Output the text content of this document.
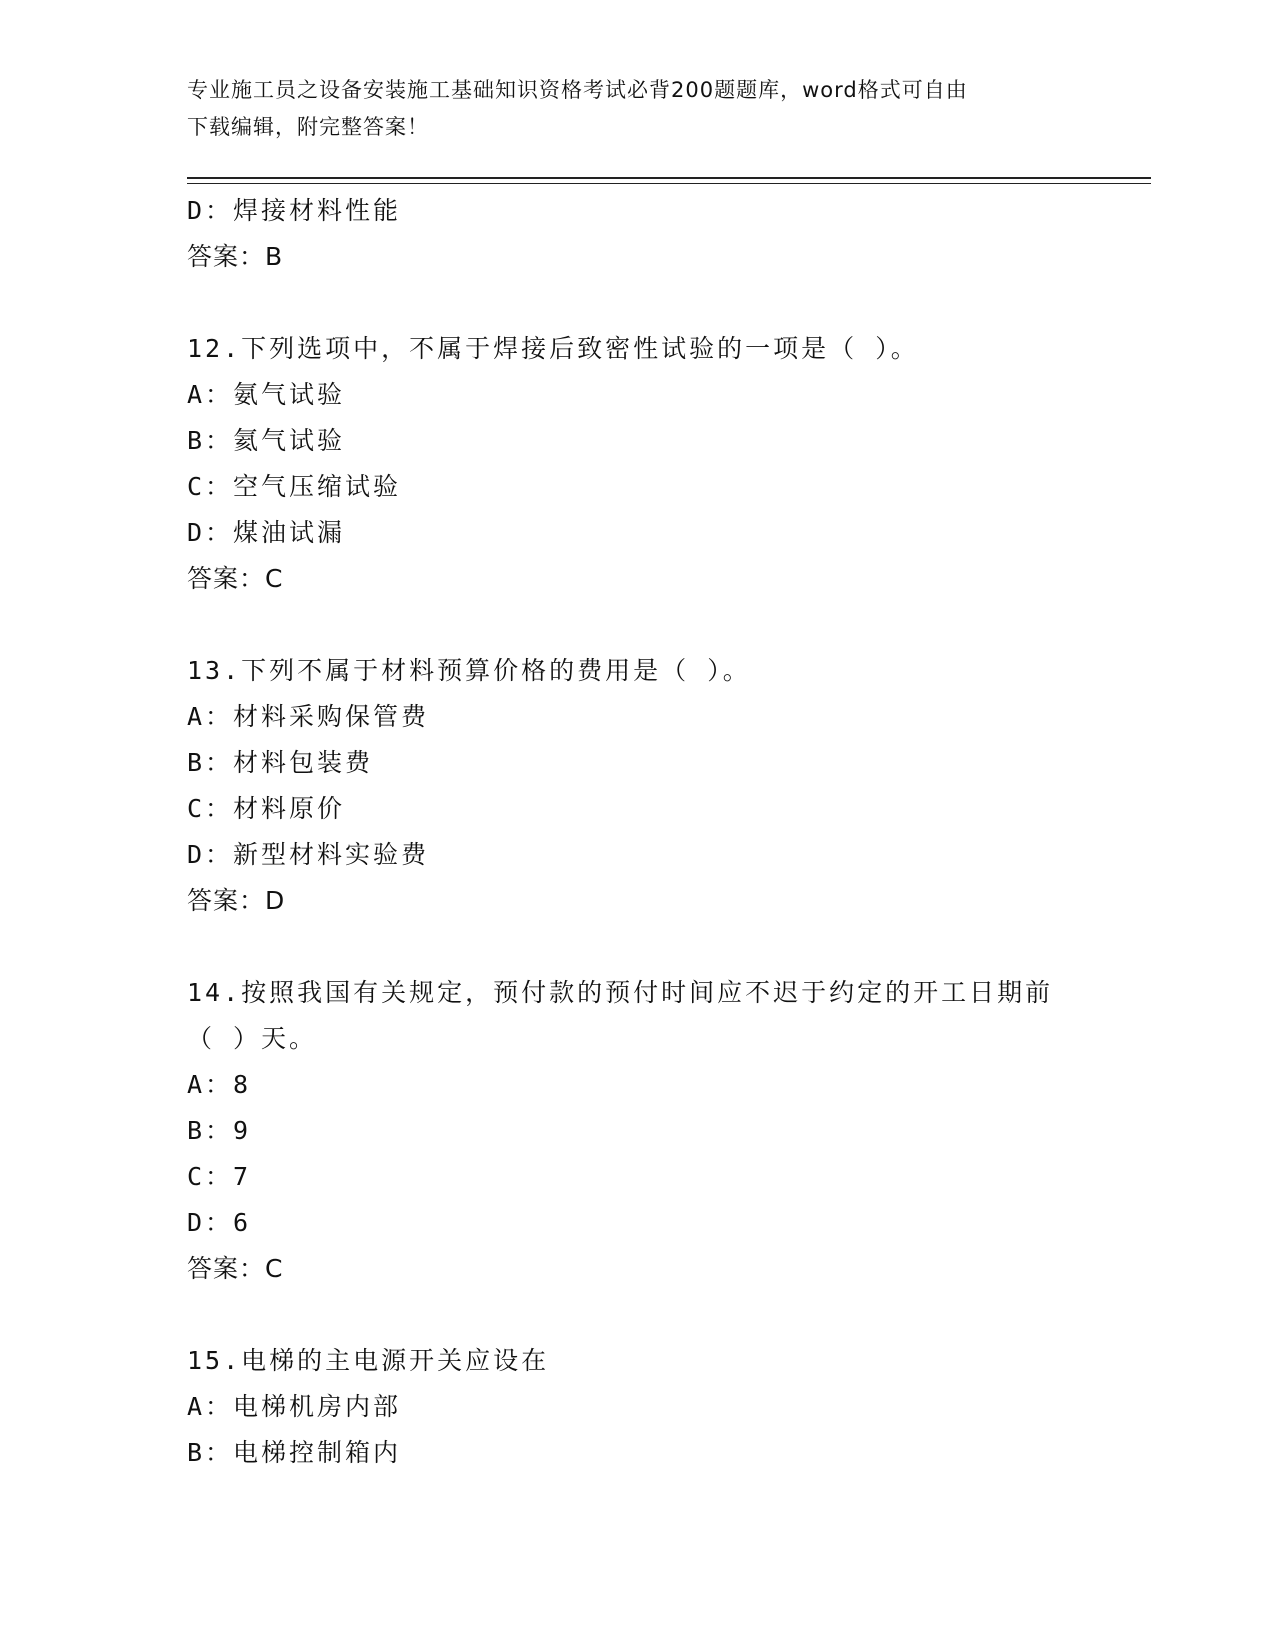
专业施工员之设备安装施工基础知识资格考试必背200题题库，word格式可自由
下载编辑，附完整答案！
D：焊接材料性能
答案：B
12.下列选项中，不属于焊接后致密性试验的一项是（ ）。
A：氨气试验
B：氦气试验
C：空气压缩试验
D：煤油试漏
答案：C
13.下列不属于材料预算价格的费用是（ ）。
A：材料采购保管费
B：材料包装费
C：材料原价
D：新型材料实验费
答案：D
14.按照我国有关规定，预付款的预付时间应不迟于约定的开工日期前
（ ）天。
A：8
B：9
C：7
D：6
答案：C
15.电梯的主电源开关应设在
A：电梯机房内部
B：电梯控制箱内
